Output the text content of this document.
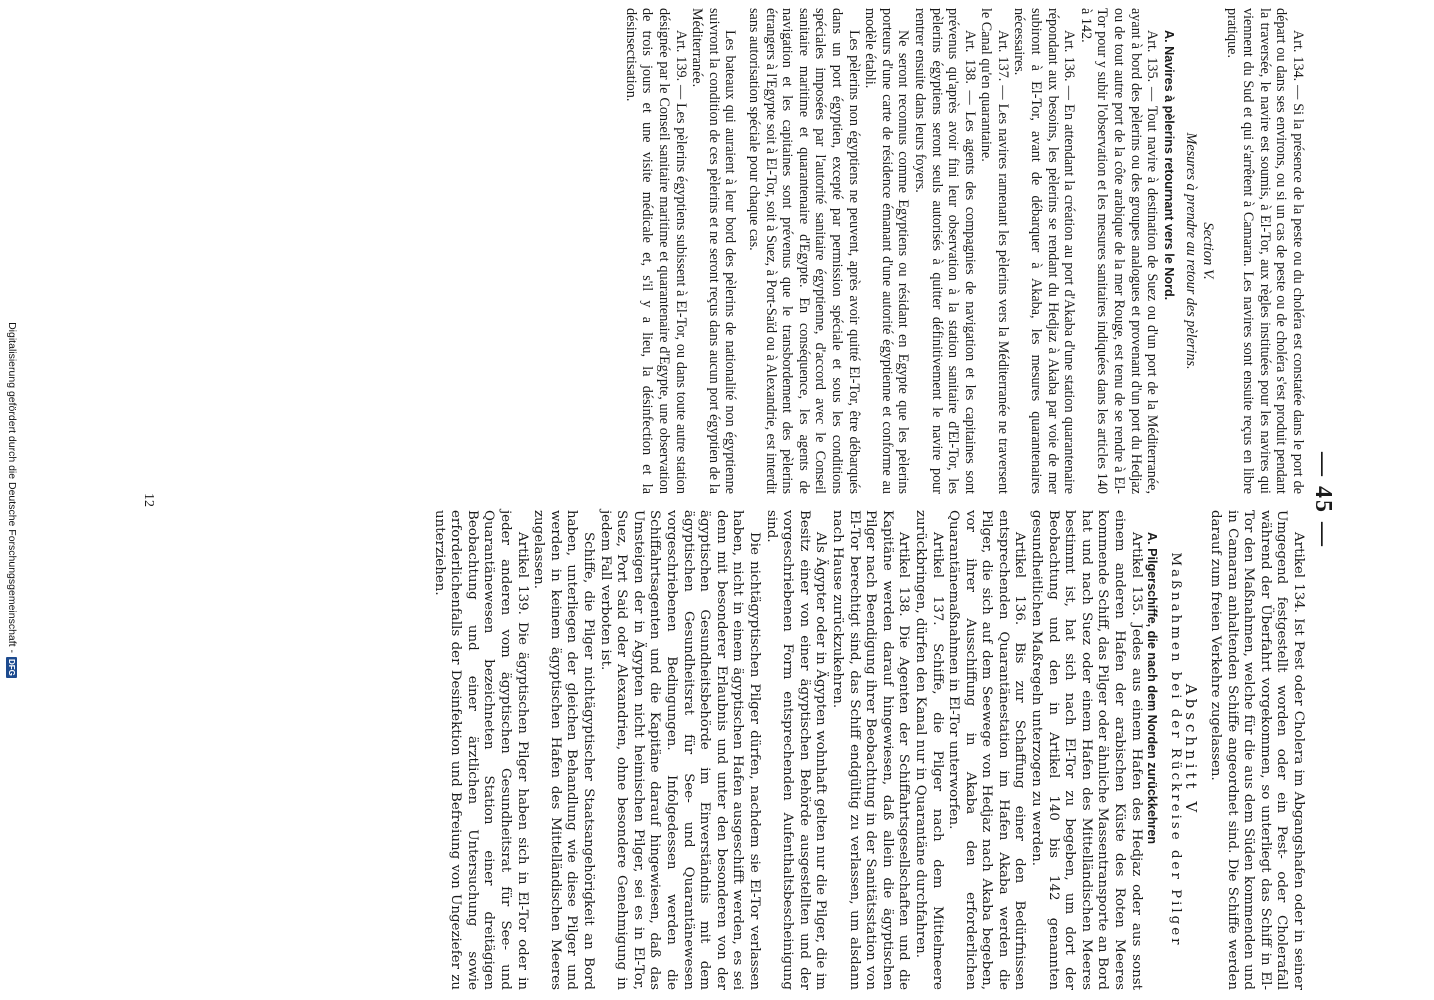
— 45 —

Art. 134. — Si la présence de la peste ou du choléra est constatée dans le port de départ ou dans ses environs, ou si un cas de peste ou de choléra s'est produit pendant la traversée, le navire est soumis, à El-Tor, aux règles instituées pour les navires qui viennent du Sud et qui s'arrêtent à Camaran. Les navires sont ensuite reçus en libre pratique.

Section V.

Mesures à prendre au retour des pèlerins.

A. Navires à pèlerins retournant vers le Nord.

Art. 135. — Tout navire à destination de Suez ou d'un port de la Méditerranée, ayant à bord des pèlerins ou des groupes analogues et provenant d'un port du Hedjaz ou de tout autre port de la côte arabique de la mer Rouge, est tenu de se rendre à El-Tor pour y subir l'observation et les mesures sanitaires indiquées dans les articles 140 à 142.

Art. 136. — En attendant la création au port d'Akaba d'une station quarantenaire répondant aux besoins, les pèlerins se rendant du Hedjaz à Akaba par voie de mer subiront à El-Tor, avant de débarquer à Akaba, les mesures quarantenaires nécessaires.

Art. 137. — Les navires ramenant les pèlerins vers la Méditerranée ne traversent le Canal qu'en quarantaine.

Art. 138. — Les agents des compagnies de navigation et les capitaines sont prévenus qu'après avoir fini leur observation à la station sanitaire d'El-Tor, les pèlerins égyptiens seront seuls autorisés à quitter définitivement le navire pour rentrer ensuite dans leurs foyers.

Ne seront reconnus comme Egyptiens ou résidant en Egypte que les pèlerins porteurs d'une carte de résidence émanant d'une autorité égyptienne et conforme au modèle établi.

Les pèlerins non égyptiens ne peuvent, après avoir quitté El-Tor, être débarqués dans un port égyptien, excepté par permission spéciale et sous les conditions spéciales imposées par l'autorité sanitaire égyptienne, d'accord avec le Conseil sanitaire maritime et quarantenaire d'Egypte. En conséquence, les agents de navigation et les capitaines sont prévenus que le transbordement des pèlerins étrangers à l'Egypte soit à El-Tor, soit à Suez, à Port-Saïd ou à Alexandrie, est interdit sans autorisation spéciale pour chaque cas.

Les bateaux qui auraient à leur bord des pèlerins de nationalité non égyptienne suivront la condition de ces pèlerins et ne seront reçus dans aucun port égyptien de la Méditerranée.

Art. 139. — Les pèlerins égyptiens subissent à El-Tor, ou dans toute autre station désignée par le Conseil sanitaire maritime et quarantenaire d'Egypte, une observation de trois jours et une visite médicale et, s'il y a lieu, la désinfection et la désinsectisation.

Artikel 134. Ist Pest oder Cholera im Abgangshafen oder in seiner Umgegend festgestellt worden oder ein Pest- oder Cholerafall während der Überfahrt vorgekommen, so unterliegt das Schiff in El-Tor den Maßnahmen, welche für die aus dem Süden kommenden und in Camaran anhaltenden Schiffe angeordnet sind. Die Schiffe werden darauf zum freien Verkehre zugelassen.

Abschnitt V

Maßnahmen bei der Rückreise der Pilger

A. Pilgerschiffe, die nach dem Norden zurückkehren

Artikel 135. Jedes aus einem Hafen des Hedjaz oder aus sonst einem anderen Hafen der arabischen Küste des Roten Meeres kommende Schiff, das Pilger oder ähnliche Massentransporte an Bord hat und nach Suez oder einem Hafen des Mittelländischen Meeres bestimmt ist, hat sich nach El-Tor zu begeben, um dort der Beobachtung und den in Artikel 140 bis 142 genannten gesundheitlichen Maßregeln unterzogen zu werden.

Artikel 136. Bis zur Schaffung einer den Bedürfnissen entsprechenden Quarantänestation im Hafen Akaba werden die Pilger, die sich auf dem Seewege von Hedjaz nach Akaba begeben, vor ihrer Ausschiffung in Akaba den erforderlichen Quarantänemaßnahmen in El-Tor unterworfen.

Artikel 137. Schiffe, die Pilger nach dem Mittelmeere zurückbringen, dürfen den Kanal nur in Quarantäne durchfahren.

Artikel 138. Die Agenten der Schiffahrtsgesellschaften und die Kapitäne werden darauf hingewiesen, daß allein die ägyptischen Pilger nach Beendigung ihrer Beobachtung in der Sanitätsstation von El-Tor berechtigt sind, das Schiff endgültig zu verlassen, um alsdann nach Hause zurückzukehren.

Als Ägypter oder in Ägypten wohnhaft gelten nur die Pilger, die im Besitz einer von einer ägyptischen Behörde ausgestellten und der vorgeschriebenen Form entsprechenden Aufenthaltsbescheinigung sind.

Die nichtägyptischen Pilger dürfen, nachdem sie El-Tor verlassen haben, nicht in einem ägyptischen Hafen ausgeschifft werden, es sei denn mit besonderer Erlaubnis und unter den besonderen von der ägyptischen Gesundheitsbehörde im Einverständnis mit dem ägyptischen Gesundheitsrat für See- und Quarantänewesen vorgeschriebenen Bedingungen. Infolgedessen werden die Schiffahrtsagenten und die Kapitäne darauf hingewiesen, daß das Umsteigen der in Ägypten nicht heimischen Pilger, sei es in El-Tor, Suez, Port Said oder Alexandrien, ohne besondere Genehmigung in jedem Fall verboten ist.

Schiffe, die Pilger nichtägyptischer Staatsangehörigkeit an Bord haben, unterliegen der gleichen Behandlung wie diese Pilger und werden in keinem ägyptischen Hafen des Mittelländischen Meeres zugelassen.

Artikel 139. Die ägyptischen Pilger haben sich in El-Tor oder in jeder anderen vom ägyptischen Gesundheitsrat für See- und Quarantänewesen bezeichneten Station einer dreitägigen Beobachtung und einer ärztlichen Untersuchung sowie erforderlichenfalls der Desinfektion und Befreiung von Ungeziefer zu unterziehen.

12
Digitalisierung gefördert durch die Deutsche Forschungsgemeinschaft -
DFG
